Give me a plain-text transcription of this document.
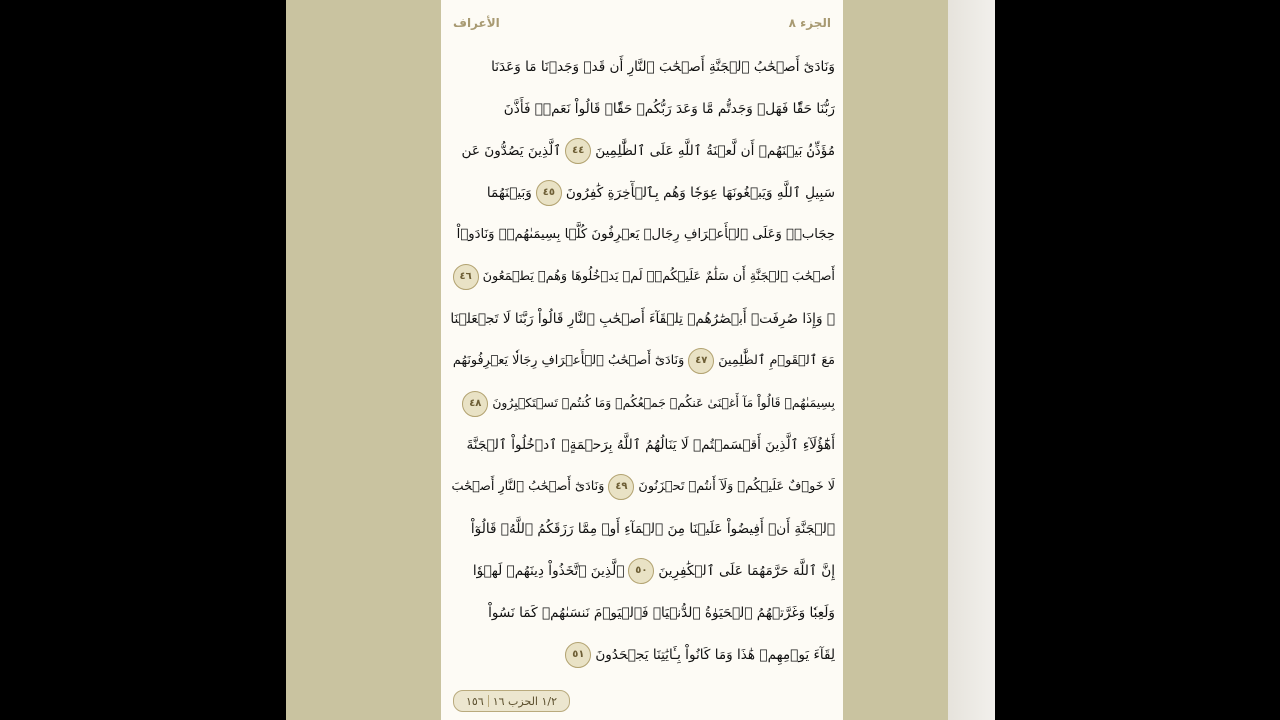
الجزء ٨
الأعراف
وَنَادَىٰٓ أَصۡحَٰبُ ٱلۡجَنَّةِ أَصۡحَٰبَ ٱلنَّارِ أَن قَدۡ وَجَدۡنَا مَا وَعَدَنَا
رَبُّنَا حَقّٗا فَهَلۡ وَجَدتُّم مَّا وَعَدَ رَبُّكُمۡ حَقّٗاۖ قَالُواْ نَعَمۡۚ فَأَذَّنَ
مُؤَذِّنُۢ بَيۡنَهُمۡ أَن لَّعۡنَةُ ٱللَّهِ عَلَى ٱلظَّٰلِمِينَ٤٤ٱلَّذِينَ يَصُدُّونَ عَن
سَبِيلِ ٱللَّهِ وَيَبۡغُونَهَا عِوَجٗا وَهُم بِٱلۡأٓخِرَةِ كَٰفِرُونَ٤٥وَبَيۡنَهُمَا
حِجَابٞۚ وَعَلَى ٱلۡأَعۡرَافِ رِجَالٞ يَعۡرِفُونَ كُلَّۢا بِسِيمَىٰهُمۡۚ وَنَادَوۡاْ
أَصۡحَٰبَ ٱلۡجَنَّةِ أَن سَلَٰمٌ عَلَيۡكُمۡۚ لَمۡ يَدۡخُلُوهَا وَهُمۡ يَطۡمَعُونَ٤٦
۞ وَإِذَا صُرِفَتۡ أَبۡصَٰرُهُمۡ تِلۡقَآءَ أَصۡحَٰبِ ٱلنَّارِ قَالُواْ رَبَّنَا لَا تَجۡعَلۡنَا
مَعَ ٱلۡقَوۡمِ ٱلظَّٰلِمِينَ٤٧وَنَادَىٰٓ أَصۡحَٰبُ ٱلۡأَعۡرَافِ رِجَالٗا يَعۡرِفُونَهُم
بِسِيمَىٰهُمۡ قَالُواْ مَآ أَغۡنَىٰ عَنكُمۡ جَمۡعُكُمۡ وَمَا كُنتُمۡ تَسۡتَكۡبِرُونَ٤٨
أَهَٰٓؤُلَآءِ ٱلَّذِينَ أَقۡسَمۡتُمۡ لَا يَنَالُهُمُ ٱللَّهُ بِرَحۡمَةٍۚ ٱدۡخُلُواْ ٱلۡجَنَّةَ
لَا خَوۡفٌ عَلَيۡكُمۡ وَلَآ أَنتُمۡ تَحۡزَنُونَ٤٩وَنَادَىٰٓ أَصۡحَٰبُ ٱلنَّارِ أَصۡحَٰبَ
ٱلۡجَنَّةِ أَنۡ أَفِيضُواْ عَلَيۡنَا مِنَ ٱلۡمَآءِ أَوۡ مِمَّا رَزَقَكُمُ ٱللَّهُۚ قَالُوٓاْ
إِنَّ ٱللَّهَ حَرَّمَهُمَا عَلَى ٱلۡكَٰفِرِينَ٥٠ٱلَّذِينَ ٱتَّخَذُواْ دِينَهُمۡ لَهۡوٗا
وَلَعِبٗا وَغَرَّتۡهُمُ ٱلۡحَيَوٰةُ ٱلدُّنۡيَاۚ فَٱلۡيَوۡمَ نَنسَىٰهُمۡ كَمَا نَسُواْ
لِقَآءَ يَوۡمِهِمۡ هَٰذَا وَمَا كَانُواْ بِـَٔايَٰتِنَا يَجۡحَدُونَ٥١
١/٢ الحزب ١٦
١٥٦
